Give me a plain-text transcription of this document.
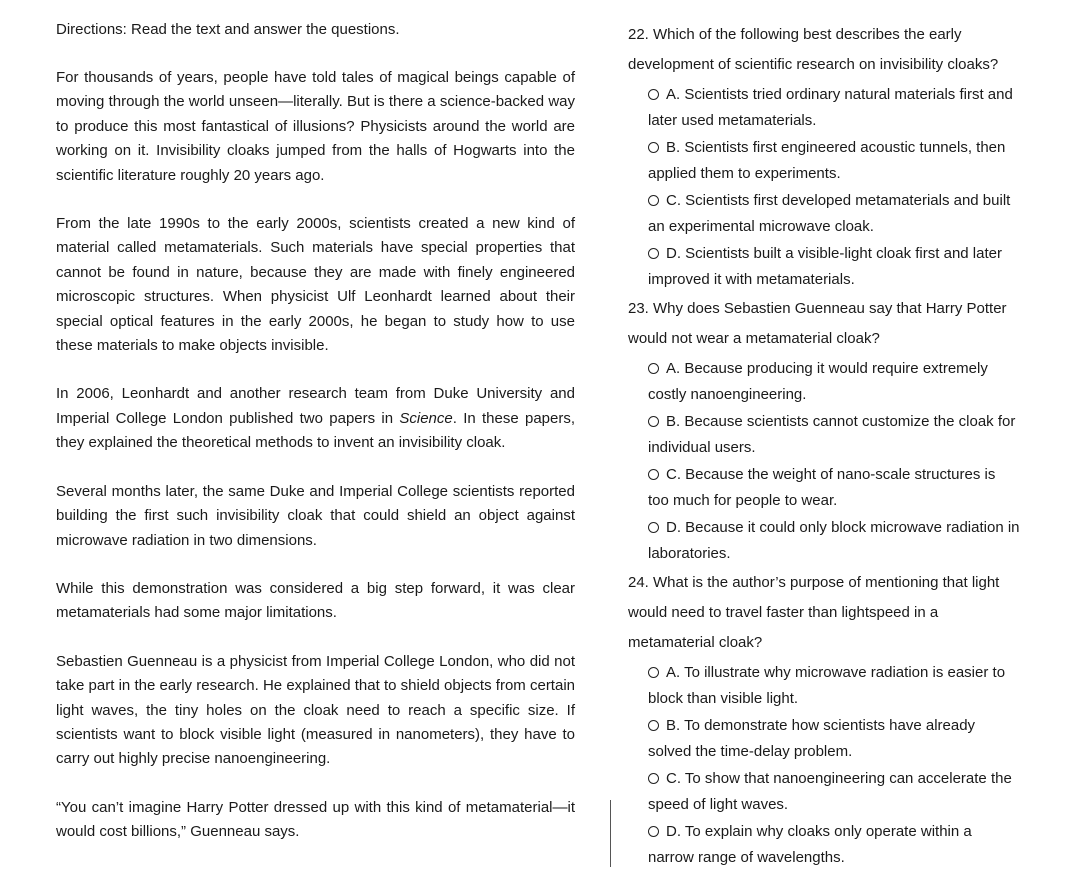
Directions: Read the text and answer the questions.

For thousands of years, people have told tales of magical beings capable of moving through the world unseen—literally. But is there a science-backed way to produce this most fantastical of illusions? Physicists around the world are working on it. Invisibility cloaks jumped from the halls of Hogwarts into the scientific literature roughly 20 years ago.

From the late 1990s to the early 2000s, scientists created a new kind of material called metamaterials. Such materials have special properties that cannot be found in nature, because they are made with finely engineered microscopic structures. When physicist Ulf Leonhardt learned about their special optical features in the early 2000s, he began to study how to use these materials to make objects invisible.

In 2006, Leonhardt and another research team from Duke University and Imperial College London published two papers in Science. In these papers, they explained the theoretical methods to invent an invisibility cloak.

Several months later, the same Duke and Imperial College scientists reported building the first such invisibility cloak that could shield an object against microwave radiation in two dimensions.

While this demonstration was considered a big step forward, it was clear metamaterials had some major limitations.

Sebastien Guenneau is a physicist from Imperial College London, who did not take part in the early research. He explained that to shield objects from certain light waves, the tiny holes on the cloak need to reach a specific size. If scientists want to block visible light (measured in nanometers), they have to carry out highly precise nanoengineering.

“You can’t imagine Harry Potter dressed up with this kind of metamaterial—it would cost billions,” Guenneau says.

22. Which of the following best describes the early development of scientific research on invisibility cloaks?

A. Scientists tried ordinary natural materials first and later used metamaterials.
B. Scientists first engineered acoustic tunnels, then applied them to experiments.
C. Scientists first developed metamaterials and built an experimental microwave cloak.
D. Scientists built a visible-light cloak first and later improved it with metamaterials.

23. Why does Sebastien Guenneau say that Harry Potter would not wear a metamaterial cloak?

A. Because producing it would require extremely costly nanoengineering.
B. Because scientists cannot customize the cloak for individual users.
C. Because the weight of nano-scale structures is too much for people to wear.
D. Because it could only block microwave radiation in laboratories.

24. What is the author’s purpose of mentioning that light would need to travel faster than lightspeed in a metamaterial cloak?

A. To illustrate why microwave radiation is easier to block than visible light.
B. To demonstrate how scientists have already solved the time-delay problem.
C. To show that nanoengineering can accelerate the speed of light waves.
D. To explain why cloaks only operate within a narrow range of wavelengths.
